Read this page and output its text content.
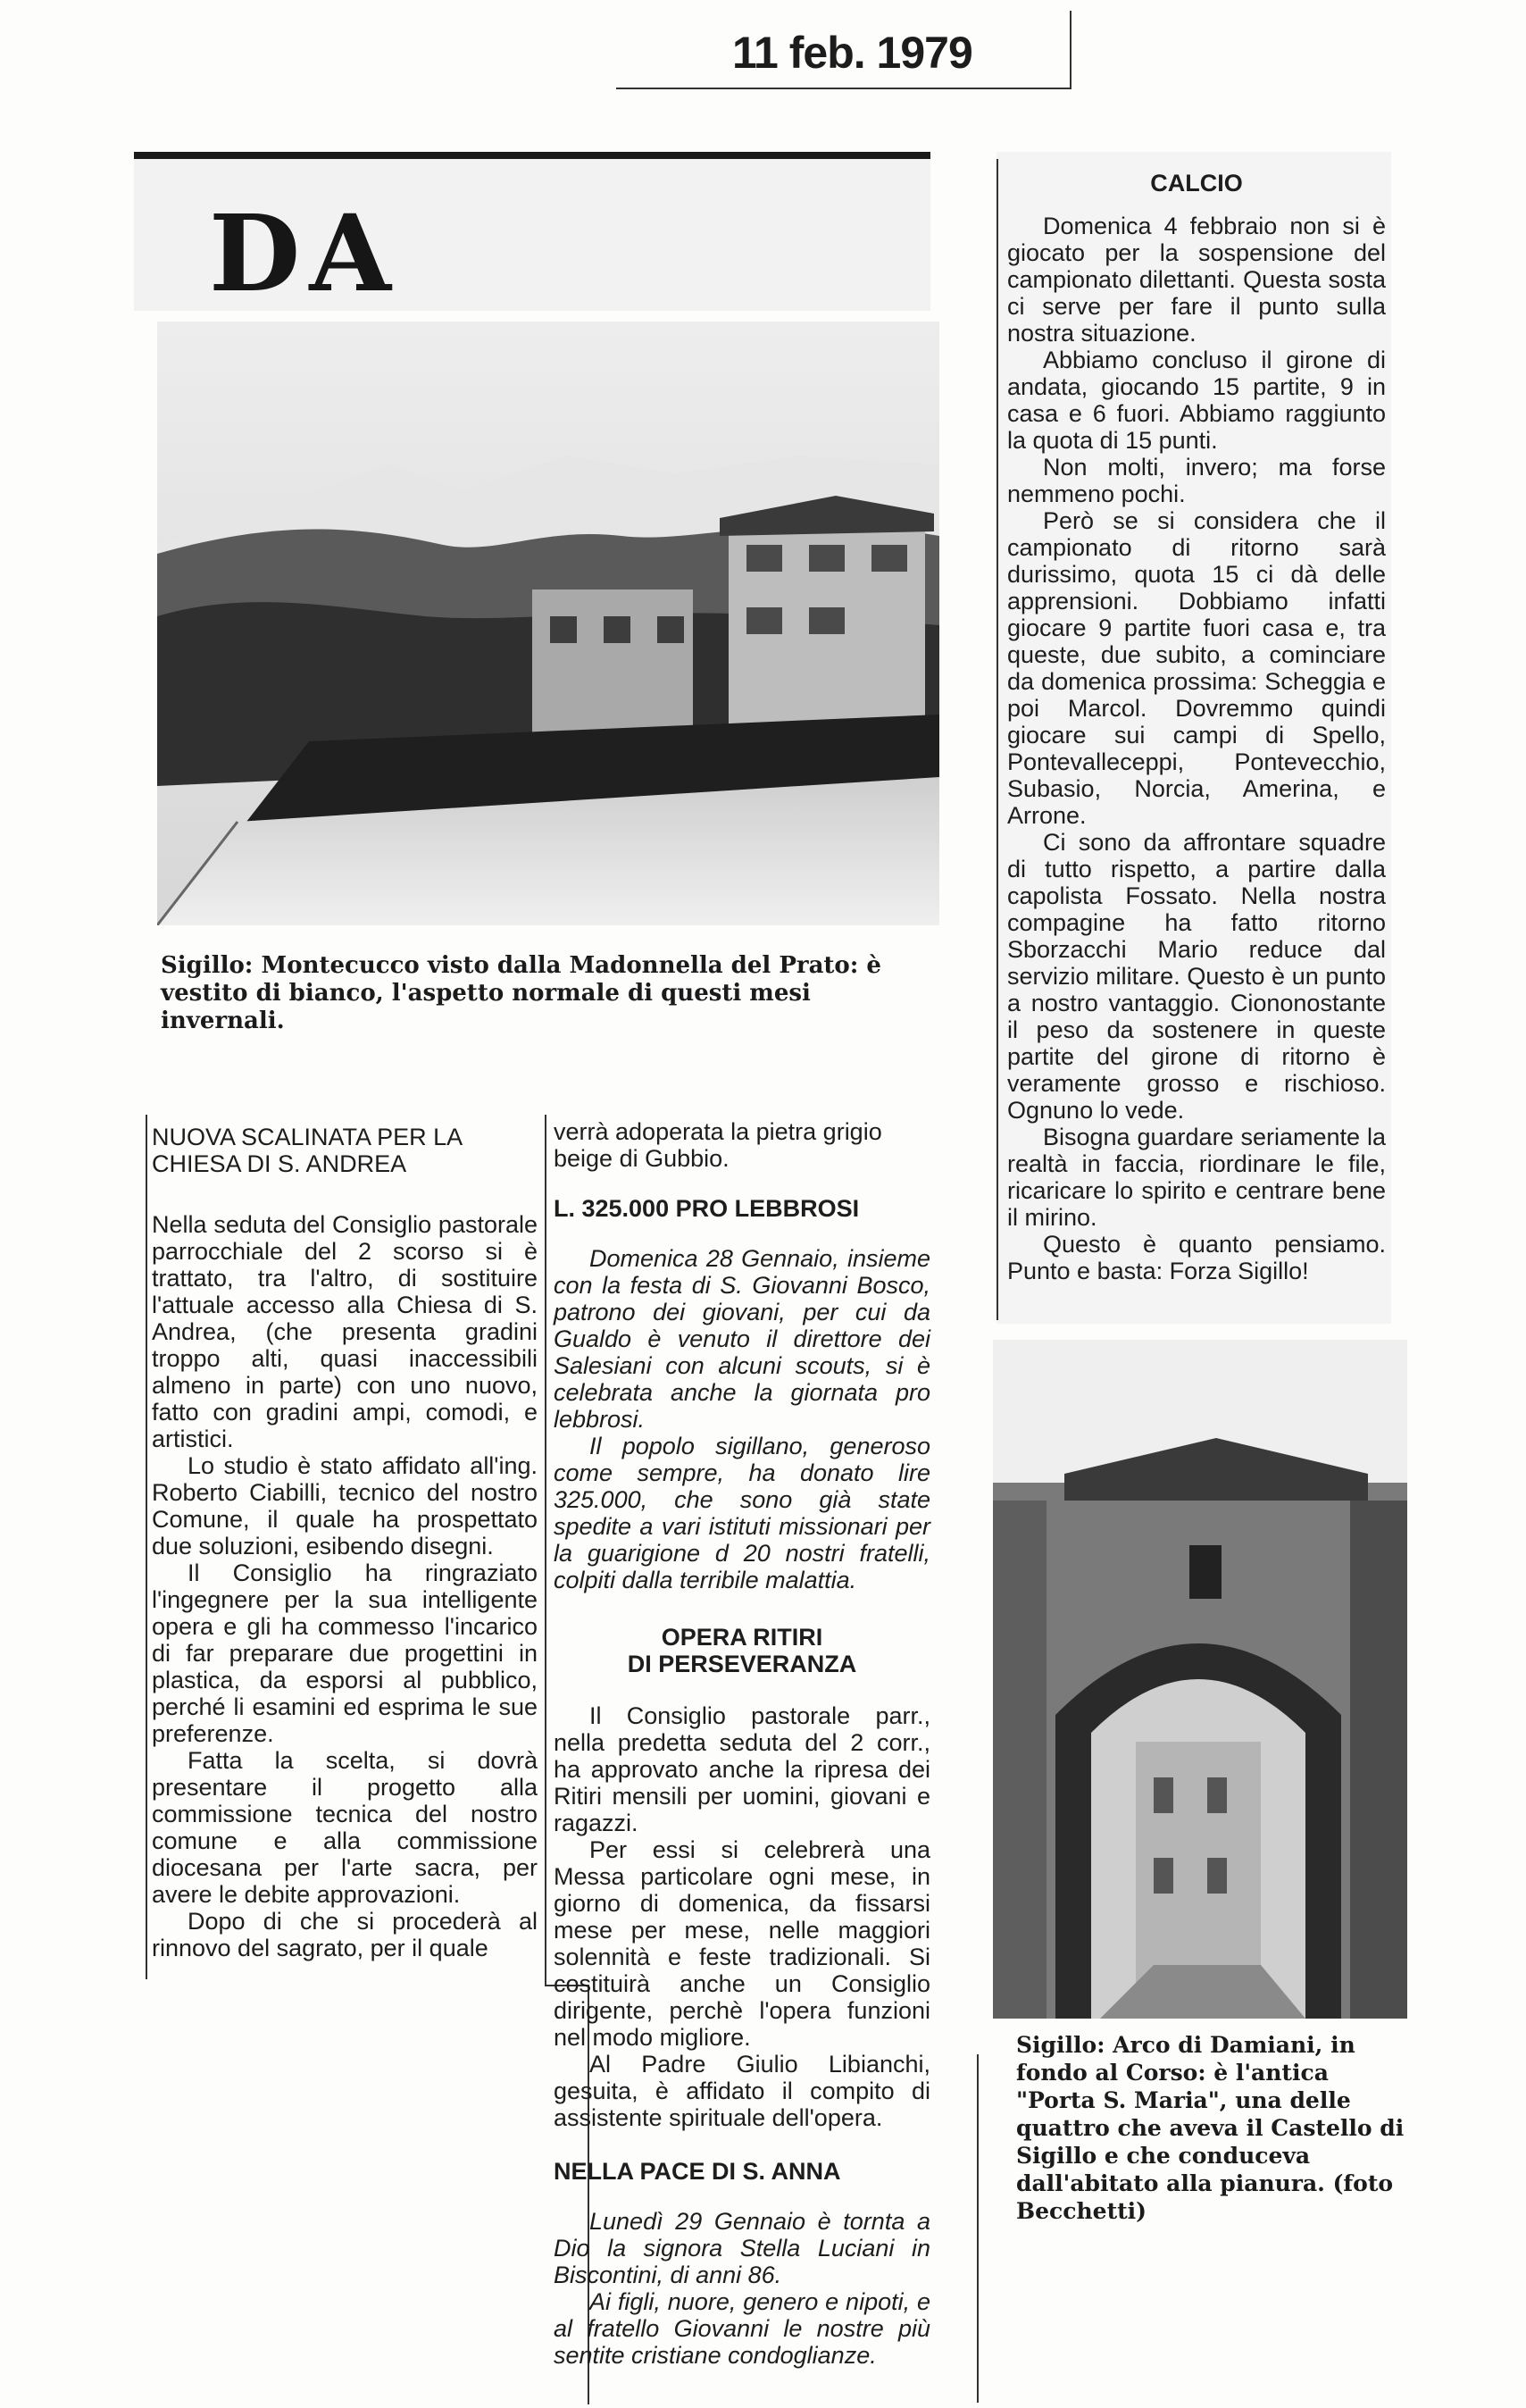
11 feb. 1979
DA
Sigillo: Montecucco visto dalla Madonnella del Prato: è vestito di bianco, l'aspetto normale di questi mesi invernali.

NUOVA SCALINATA PER LA CHIESA DI S. ANDREA

Nella seduta del Consiglio pastorale parrocchiale del 2 scorso si è trattato, tra l'altro, di sostituire l'attuale accesso alla Chiesa di S. Andrea, (che presenta gradini troppo alti, quasi inaccessibili almeno in parte) con uno nuovo, fatto con gradini ampi, comodi, e artistici.

Lo studio è stato affidato all'ing. Roberto Ciabilli, tecnico del nostro Comune, il quale ha prospettato due soluzioni, esibendo disegni.

Il Consiglio ha ringraziato l'ingegnere per la sua intelligente opera e gli ha commesso l'incarico di far preparare due progettini in plastica, da esporsi al pubblico, perché li esamini ed esprima le sue preferenze.

Fatta la scelta, si dovrà presentare il progetto alla commissione tecnica del nostro comune e alla commissione diocesana per l'arte sacra, per avere le debite approvazioni.

Dopo di che si procederà al rinnovo del sagrato, per il quale

verrà adoperata la pietra grigio beige di Gubbio.

L. 325.000 PRO LEBBROSI

Domenica 28 Gennaio, insieme con la festa di S. Giovanni Bosco, patrono dei giovani, per cui da Gualdo è venuto il direttore dei Salesiani con alcuni scouts, si è celebrata anche la giornata pro lebbrosi.

Il popolo sigillano, generoso come sempre, ha donato lire 325.000, che sono già state spedite a vari istituti missionari per la guarigione d 20 nostri fratelli, colpiti dalla terribile malattia.

OPERA RITIRI

DI PERSEVERANZA

Il Consiglio pastorale parr., nella predetta seduta del 2 corr., ha approvato anche la ripresa dei Ritiri mensili per uomini, giovani e ragazzi.

Per essi si celebrerà una Messa particolare ogni mese, in giorno di domenica, da fissarsi mese per mese, nelle maggiori solennità e feste tradizionali. Si costituirà anche un Consiglio dirigente, perchè l'opera funzioni nel modo migliore.

Al Padre Giulio Libianchi, gesuita, è affidato il compito di assistente spirituale dell'opera.

NELLA PACE DI S. ANNA

Lunedì 29 Gennaio è tornta a Dio la signora Stella Luciani in Biscontini, di anni 86.

Ai figli, nuore, genero e nipoti, e al fratello Giovanni le nostre più sentite cristiane condoglianze.

CALCIO

Domenica 4 febbraio non si è giocato per la sospensione del campionato dilettanti. Questa sosta ci serve per fare il punto sulla nostra situazione.

Abbiamo concluso il girone di andata, giocando 15 partite, 9 in casa e 6 fuori. Abbiamo raggiunto la quota di 15 punti.

Non molti, invero; ma forse nemmeno pochi.

Però se si considera che il campionato di ritorno sarà durissimo, quota 15 ci dà delle apprensioni. Dobbiamo infatti giocare 9 partite fuori casa e, tra queste, due subito, a cominciare da domenica prossima: Scheggia e poi Marcol. Dovremmo quindi giocare sui campi di Spello, Pontevalleceppi, Pontevecchio, Subasio, Norcia, Amerina, e Arrone.

Ci sono da affrontare squadre di tutto rispetto, a partire dalla capolista Fossato. Nella nostra compagine ha fatto ritorno Sborzacchi Mario reduce dal servizio militare. Questo è un punto a nostro vantaggio. Ciononostante il peso da sostenere in queste partite del girone di ritorno è veramente grosso e rischioso. Ognuno lo vede.

Bisogna guardare seriamente la realtà in faccia, riordinare le file, ricaricare lo spirito e centrare bene il mirino.

Questo è quanto pensiamo. Punto e basta: Forza Sigillo!

Sigillo: Arco di Damiani, in fondo al Corso: è l'antica "Porta S. Maria", una delle quattro che aveva il Castello di Sigillo e che conduceva dall'abitato alla pianura. (foto Becchetti)
